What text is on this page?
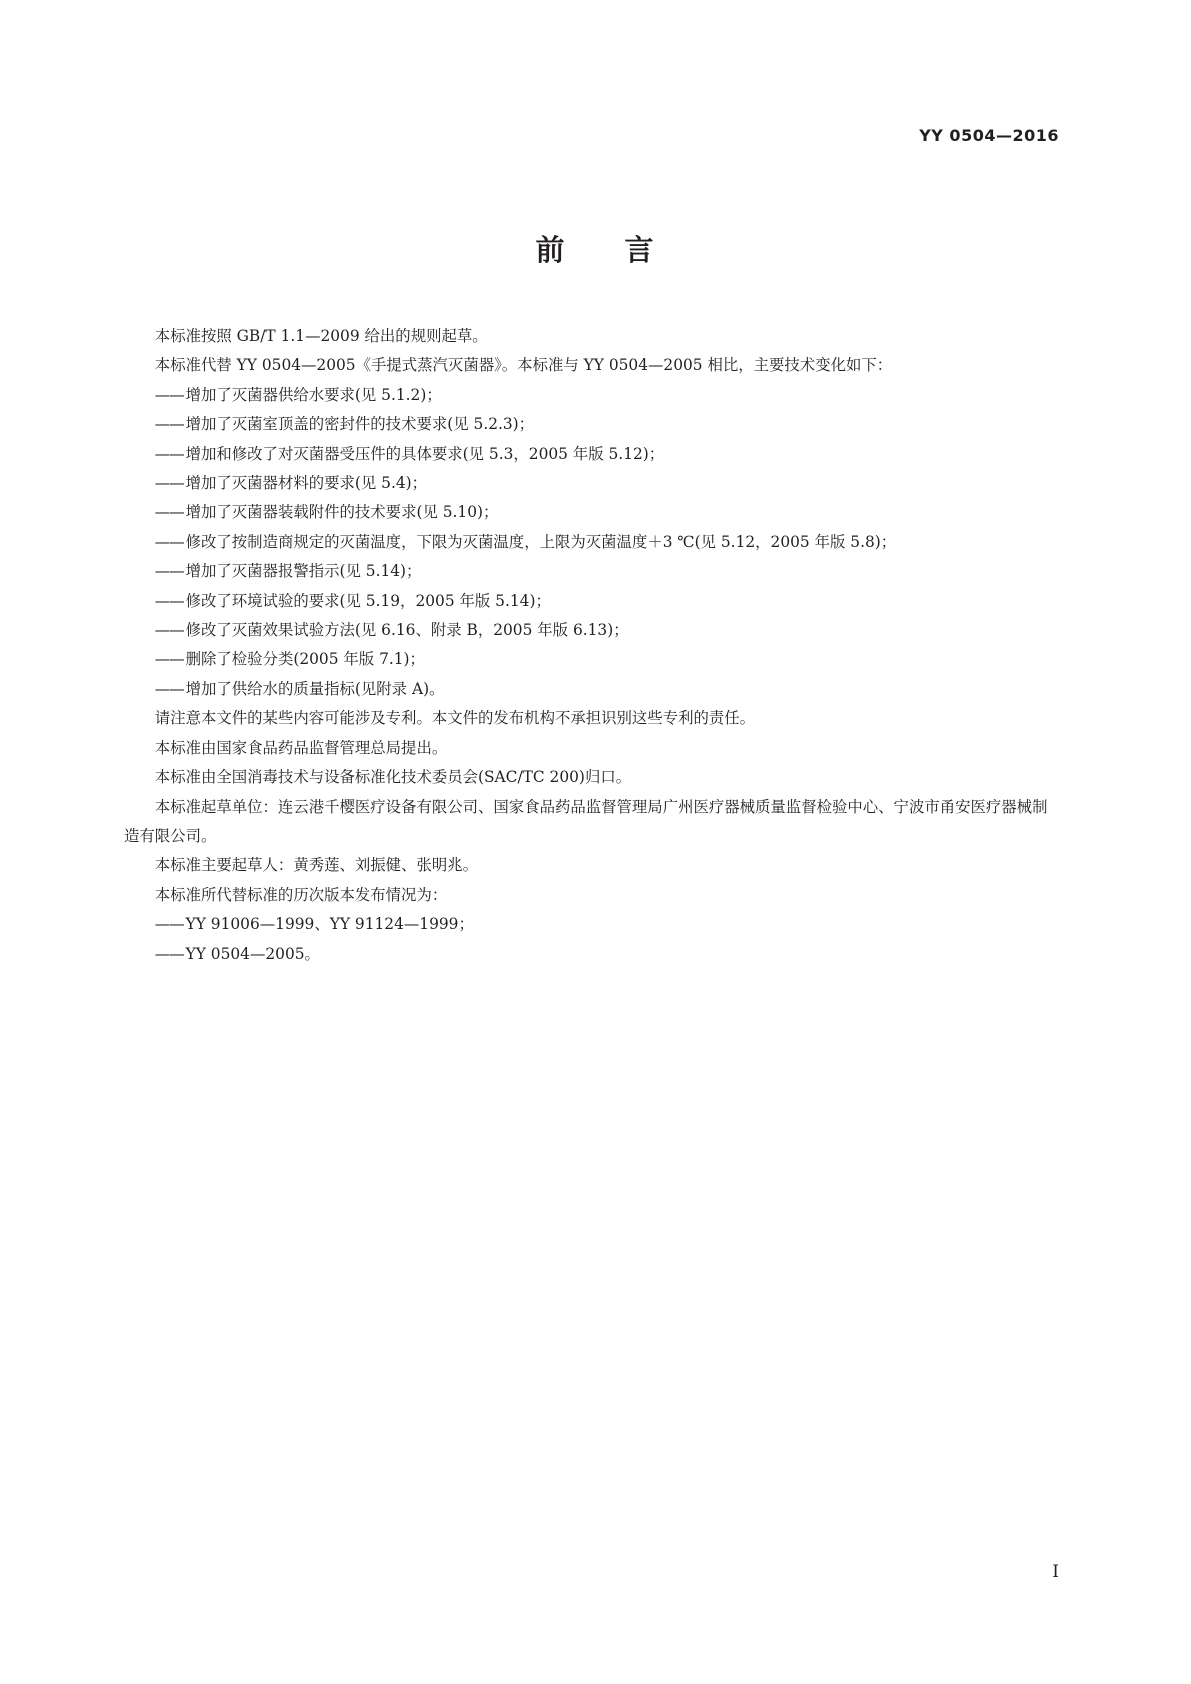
YY 0504—2016

前 言

本标准按照 GB/T 1.1—2009 给出的规则起草。

本标准代替 YY 0504—2005《手提式蒸汽灭菌器》。本标准与 YY 0504—2005 相比，主要技术变化如下：

—— 增加了灭菌器供给水要求(见 5.1.2)；

—— 增加了灭菌室顶盖的密封件的技术要求(见 5.2.3)；

—— 增加和修改了对灭菌器受压件的具体要求(见 5.3，2005 年版 5.12)；

—— 增加了灭菌器材料的要求(见 5.4)；

—— 增加了灭菌器装载附件的技术要求(见 5.10)；

—— 修改了按制造商规定的灭菌温度，下限为灭菌温度，上限为灭菌温度＋3 ℃(见 5.12，2005 年版 5.8)；

—— 增加了灭菌器报警指示(见 5.14)；

—— 修改了环境试验的要求(见 5.19，2005 年版 5.14)；

—— 修改了灭菌效果试验方法(见 6.16、附录 B，2005 年版 6.13)；

—— 删除了检验分类(2005 年版 7.1)；

—— 增加了供给水的质量指标(见附录 A)。

请注意本文件的某些内容可能涉及专利。本文件的发布机构不承担识别这些专利的责任。

本标准由国家食品药品监督管理总局提出。

本标准由全国消毒技术与设备标准化技术委员会(SAC/TC 200)归口。

本标准起草单位：连云港千樱医疗设备有限公司、国家食品药品监督管理局广州医疗器械质量监督检验中心、宁波市甬安医疗器械制造有限公司。

本标准主要起草人：黄秀莲、刘振健、张明兆。

本标准所代替标准的历次版本发布情况为：

—— YY 91006—1999、YY 91124—1999；

—— YY 0504—2005。

I
